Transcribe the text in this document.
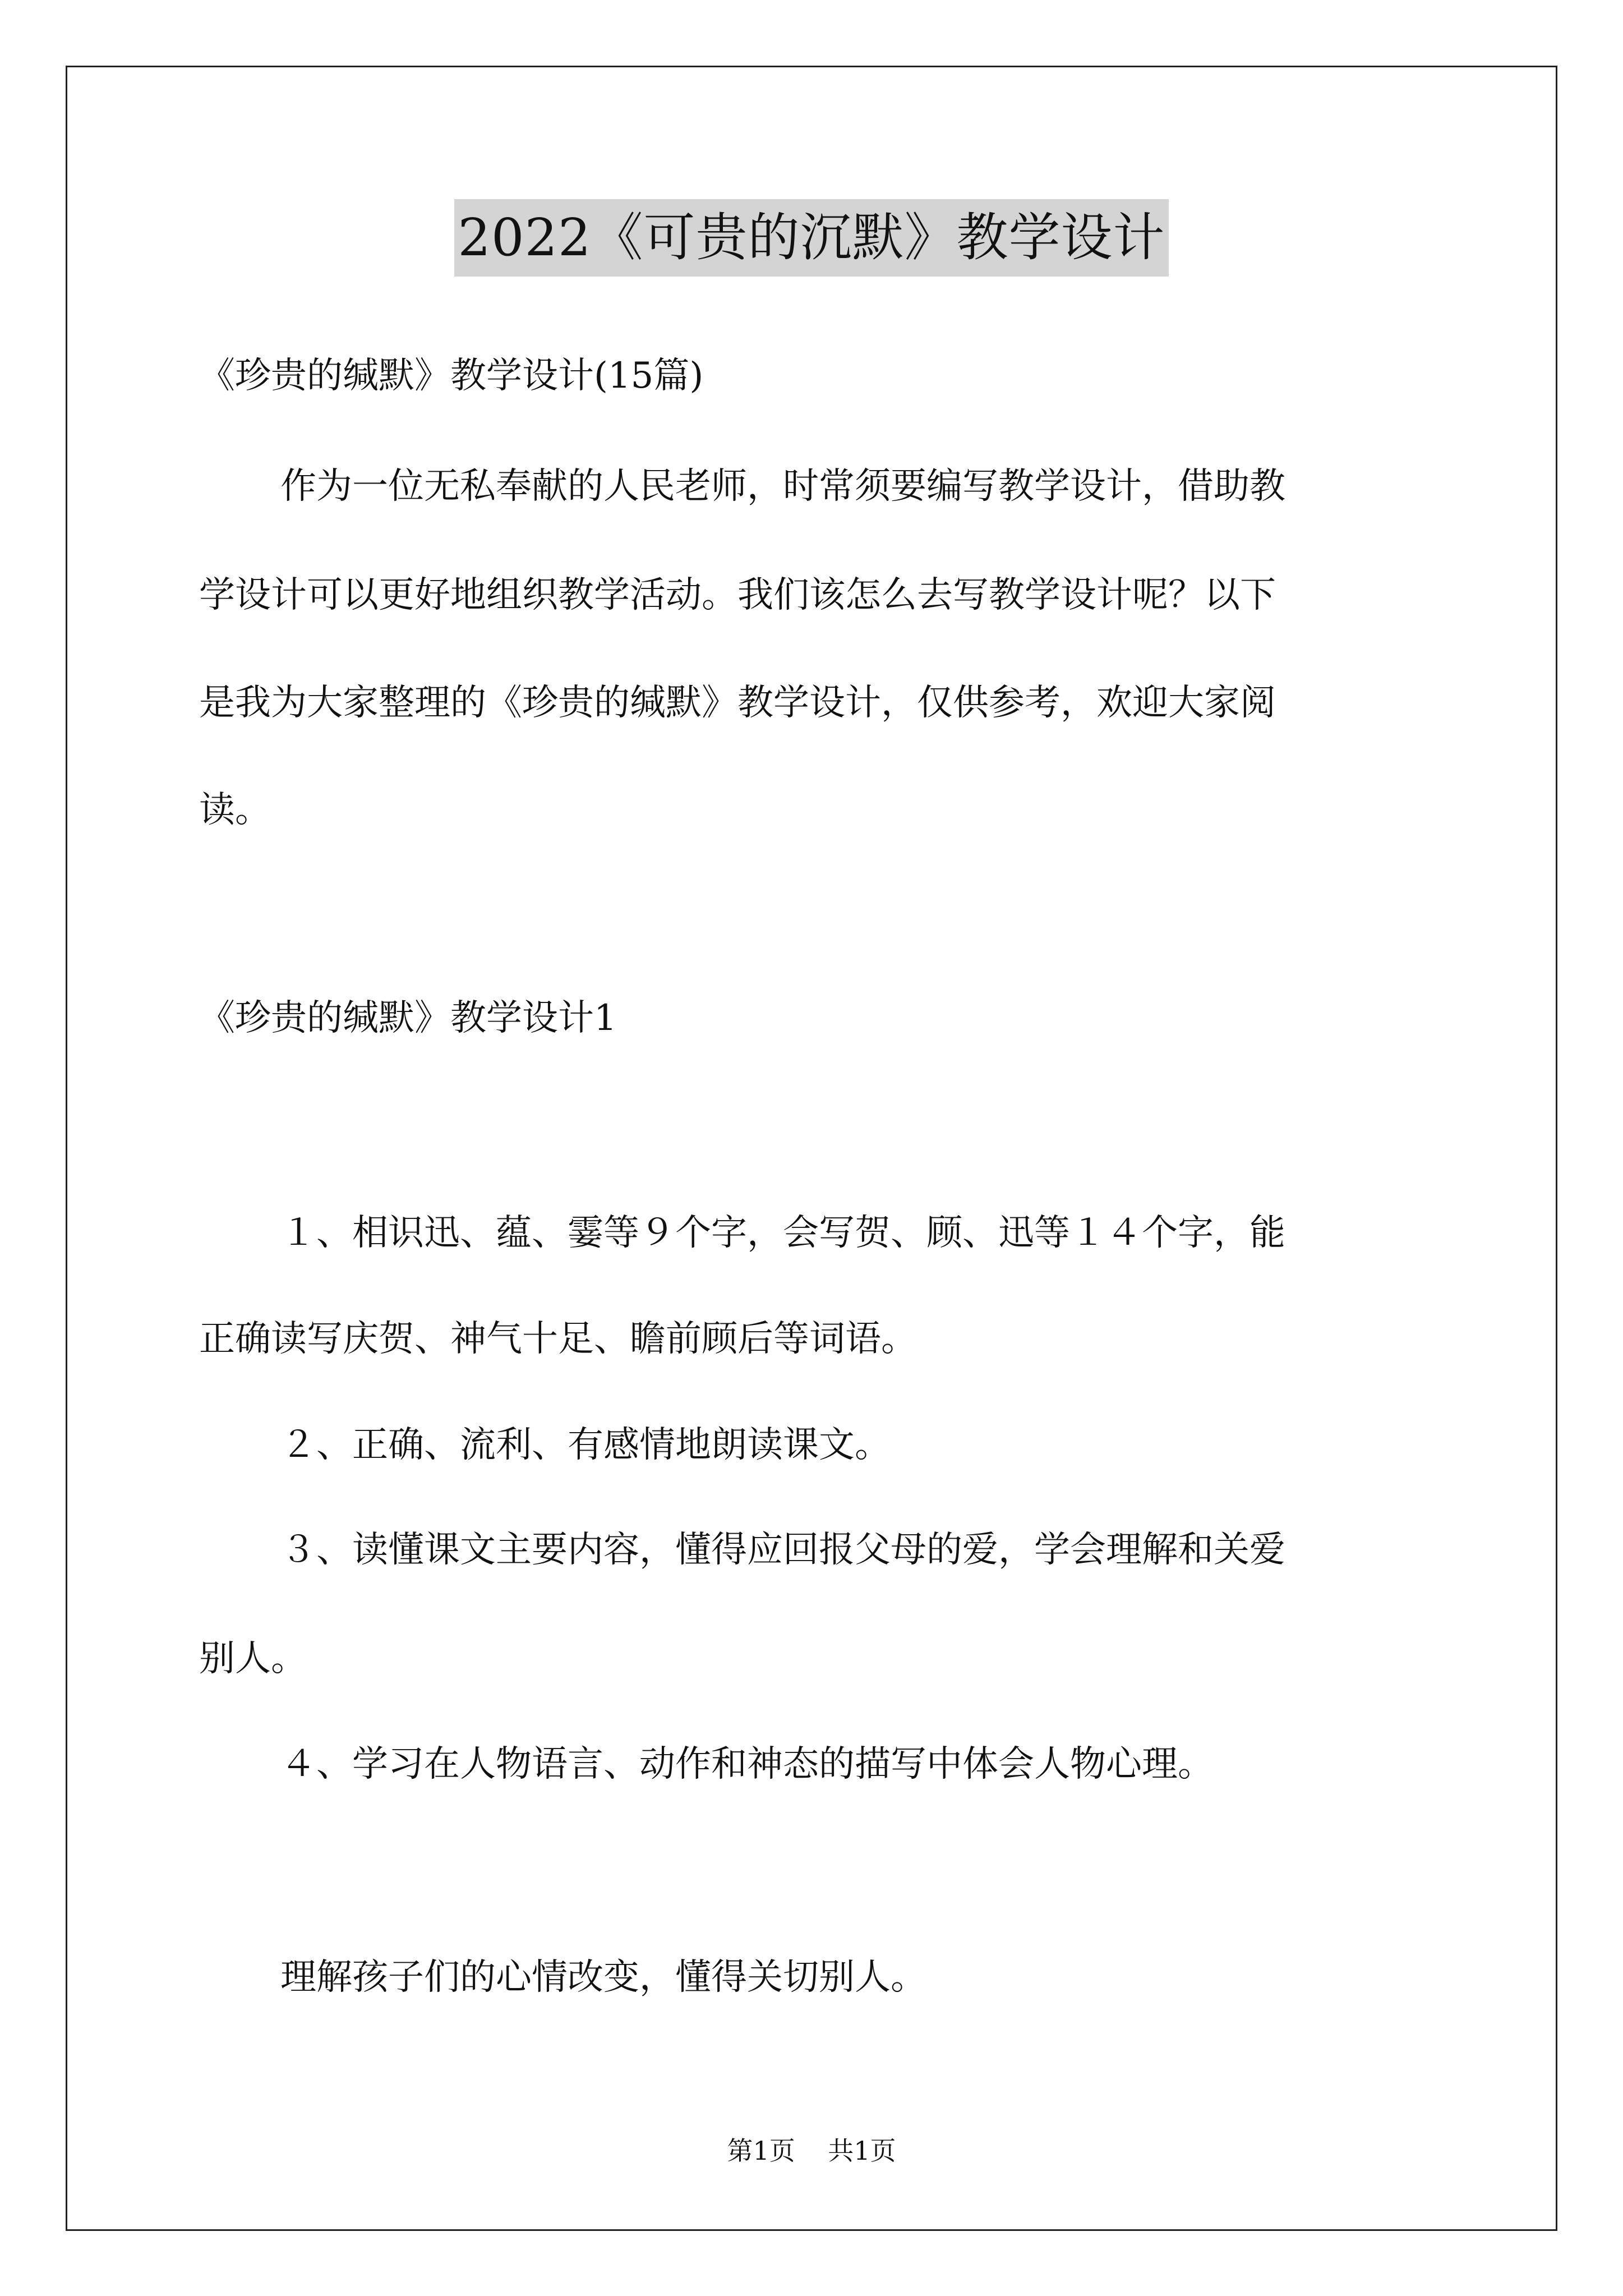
2022《可贵的沉默》教学设计
《珍贵的缄默》教学设计(15篇)
作为一位无私奉献的人民老师，时常须要编写教学设计，借助教
学设计可以更好地组织教学活动。我们该怎么去写教学设计呢？以下
是我为大家整理的《珍贵的缄默》教学设计，仅供参考，欢迎大家阅
读。
《珍贵的缄默》教学设计1
１、相识迅、蕴、霎等９个字，会写贺、顾、迅等１４个字，能
正确读写庆贺、神气十足、瞻前顾后等词语。
２、正确、流利、有感情地朗读课文。
３、读懂课文主要内容，懂得应回报父母的爱，学会理解和关爱
别人。
４、学习在人物语言、动作和神态的描写中体会人物心理。
理解孩子们的心情改变，懂得关切别人。
第1页    共1页
